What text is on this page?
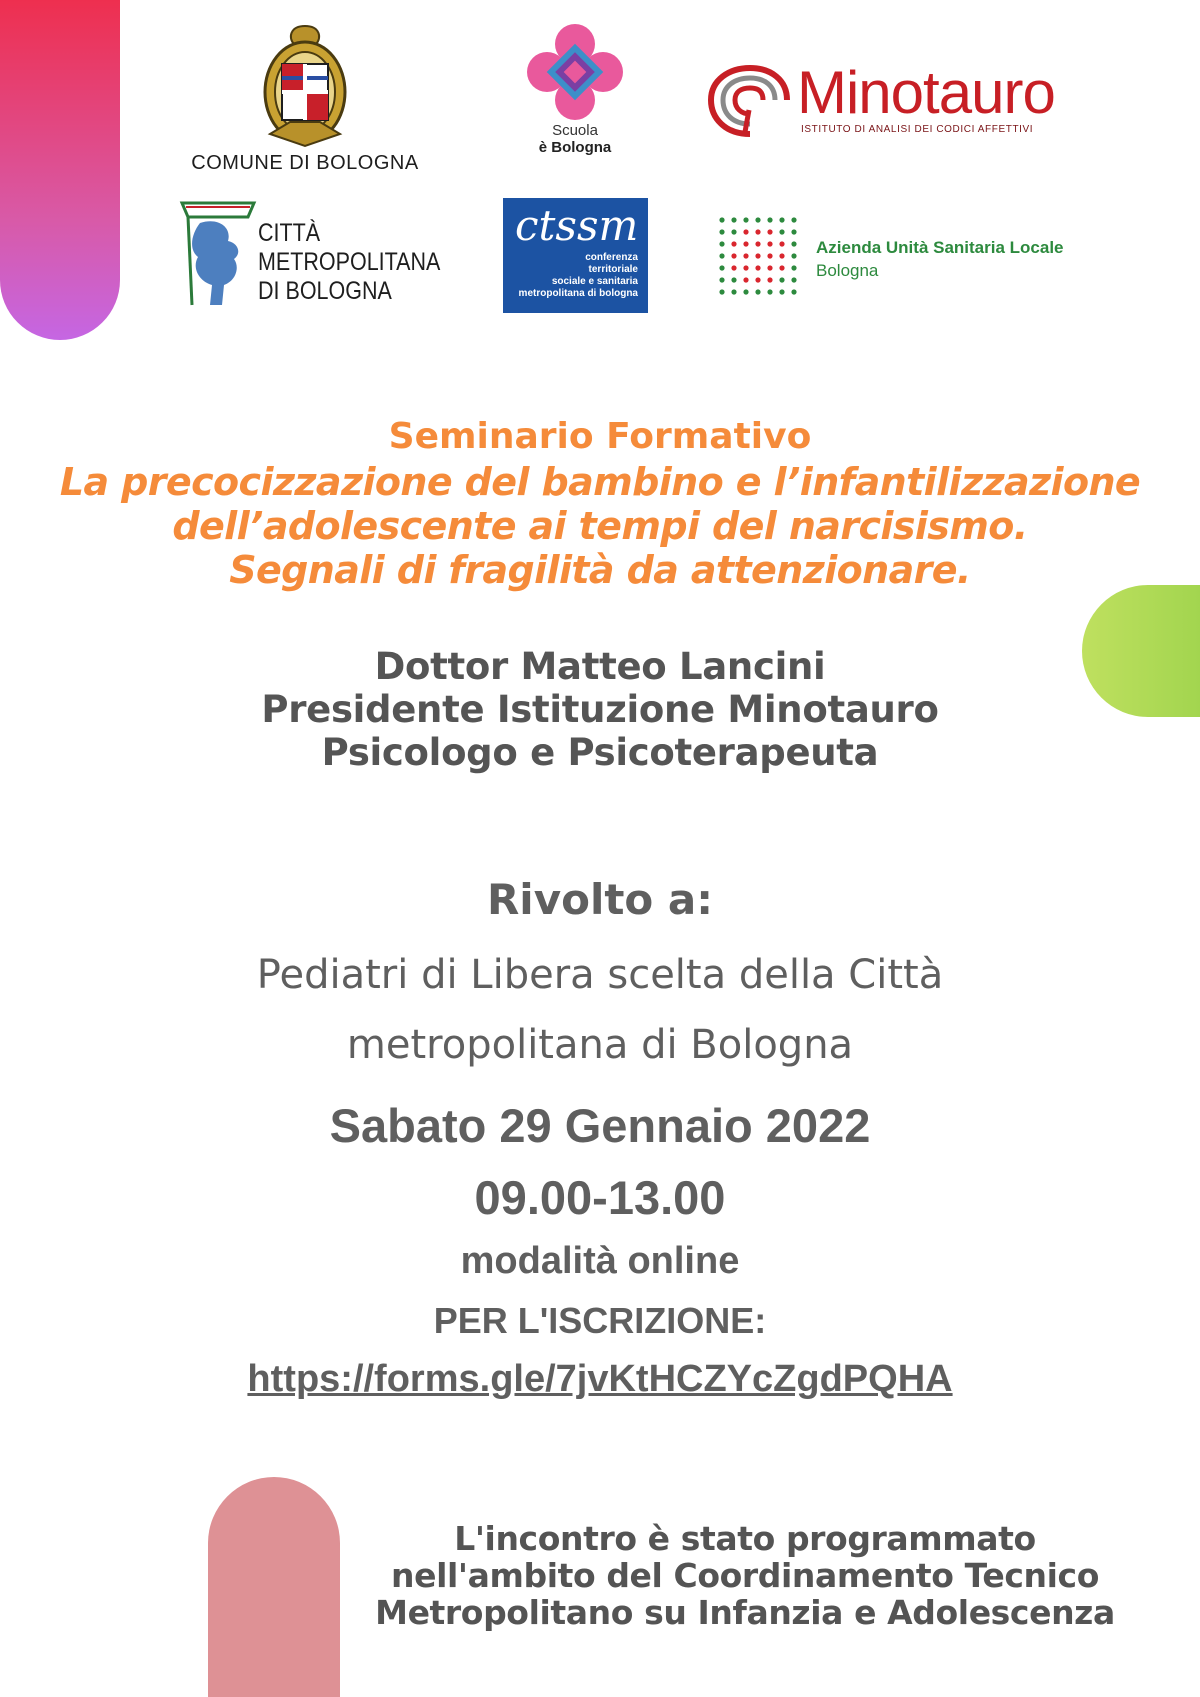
COMUNE DI BOLOGNA
Scuola
è Bologna
Minotauro
ISTITUTO DI ANALISI DEI CODICI AFFETTIVI
CITTÀ
METROPOLITANA
DI BOLOGNA
ctssm
conferenza
territoriale
sociale e sanitaria
metropolitana di bologna
Azienda Unità Sanitaria Locale
Bologna
Seminario Formativo
La precocizzazione del bambino e l’infantilizzazione
dell’adolescente ai tempi del narcisismo.
Segnali di fragilità da attenzionare.
Dottor Matteo Lancini
Presidente Istituzione Minotauro
Psicologo e Psicoterapeuta
Rivolto a:
Pediatri di Libera scelta della Città
metropolitana di Bologna
Sabato 29 Gennaio 2022
09.00-13.00
modalità online
PER L'ISCRIZIONE:
https://forms.gle/7jvKtHCZYcZgdPQHA
L'incontro è stato programmato
nell'ambito del Coordinamento Tecnico
Metropolitano su Infanzia e Adolescenza
